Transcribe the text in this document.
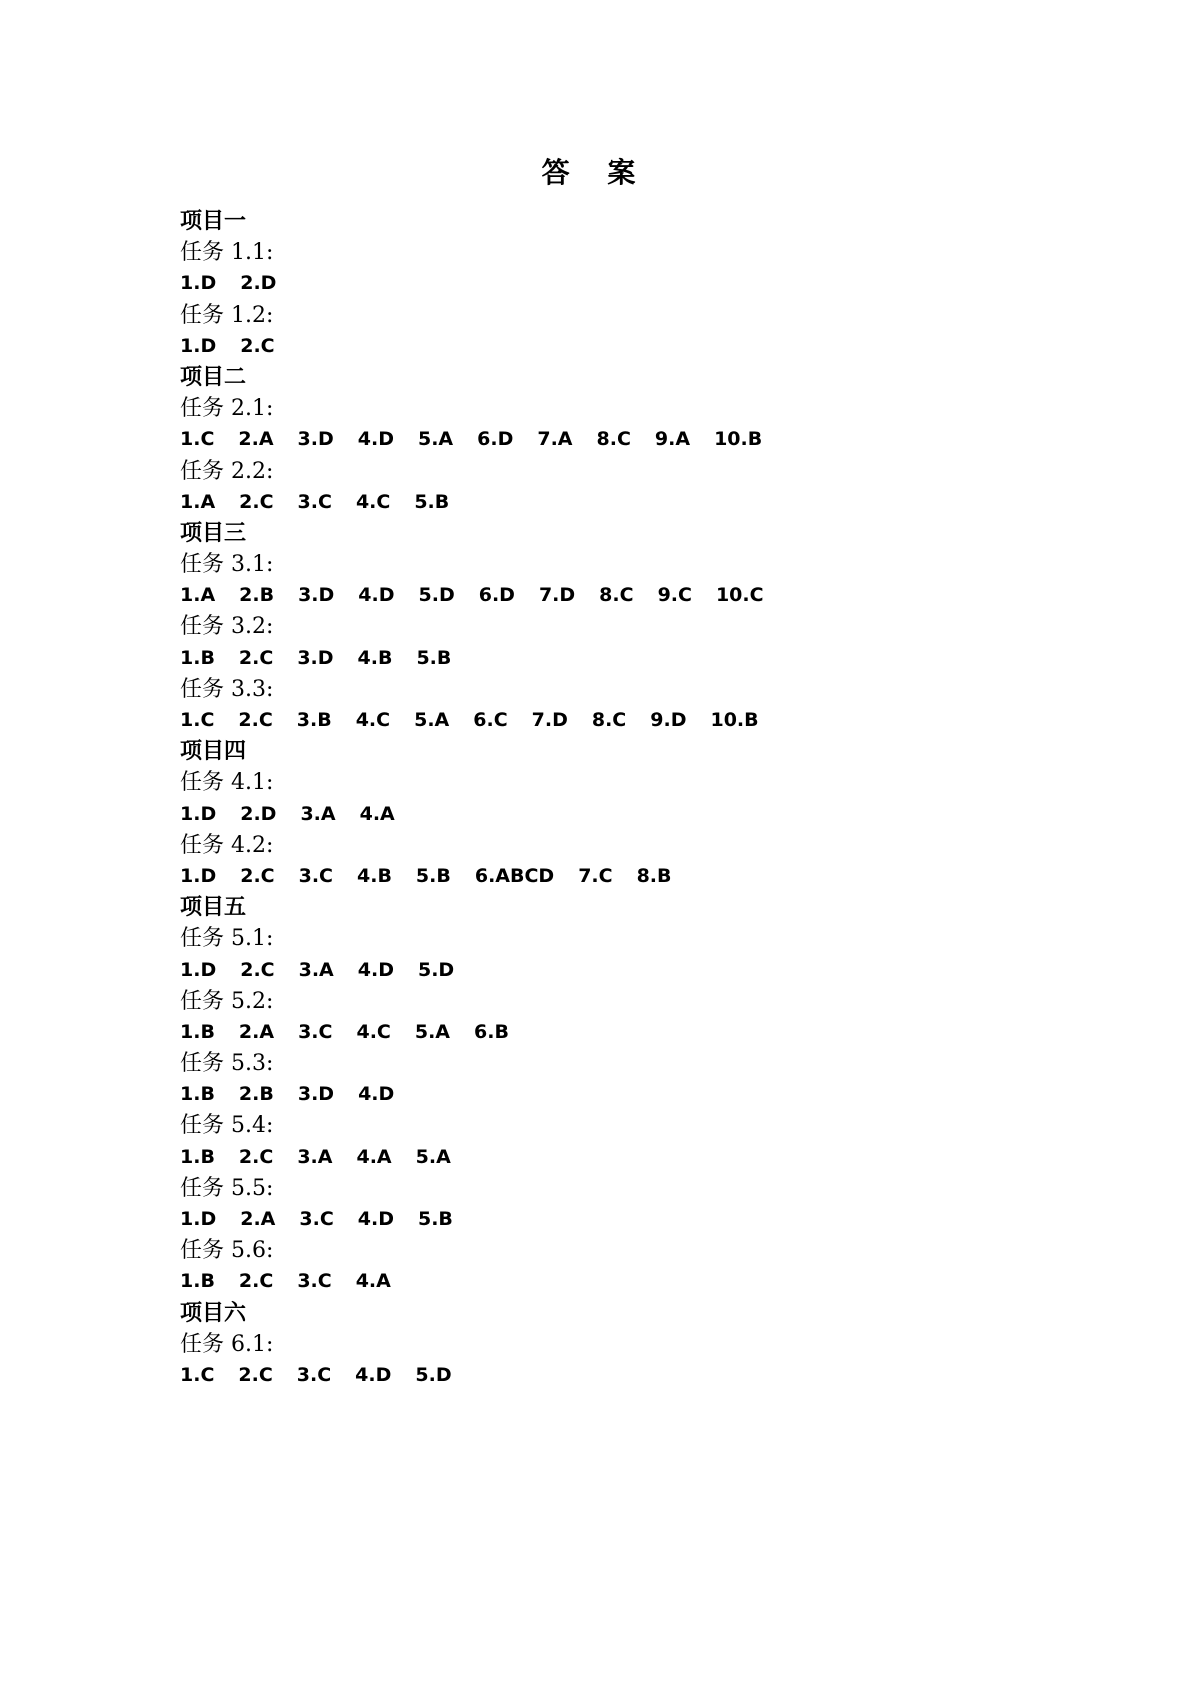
答 案
项目一
任务 1.1:
1.D 2.D
任务 1.2:
1.D 2.C
项目二
任务 2.1:
1.C 2.A 3.D 4.D 5.A 6.D 7.A 8.C 9.A 10.B
任务 2.2:
1.A 2.C 3.C 4.C 5.B
项目三
任务 3.1:
1.A 2.B 3.D 4.D 5.D 6.D 7.D 8.C 9.C 10.C
任务 3.2:
1.B 2.C 3.D 4.B 5.B
任务 3.3:
1.C 2.C 3.B 4.C 5.A 6.C 7.D 8.C 9.D 10.B
项目四
任务 4.1:
1.D 2.D 3.A 4.A
任务 4.2:
1.D 2.C 3.C 4.B 5.B 6.ABCD 7.C 8.B
项目五
任务 5.1:
1.D 2.C 3.A 4.D 5.D
任务 5.2:
1.B 2.A 3.C 4.C 5.A 6.B
任务 5.3:
1.B 2.B 3.D 4.D
任务 5.4:
1.B 2.C 3.A 4.A 5.A
任务 5.5:
1.D 2.A 3.C 4.D 5.B
任务 5.6:
1.B 2.C 3.C 4.A
项目六
任务 6.1:
1.C 2.C 3.C 4.D 5.D
